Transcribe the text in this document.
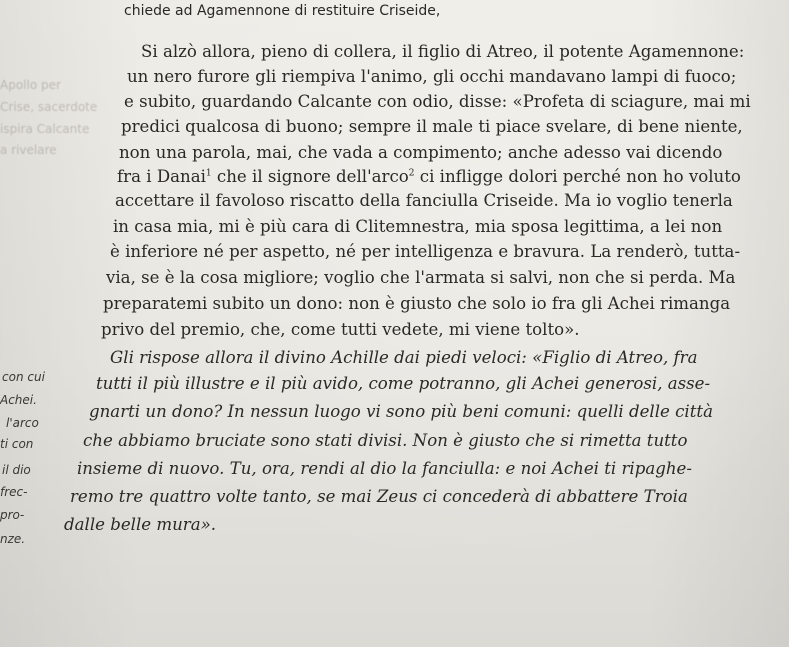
chiede ad Agamennone di restituire Criseide,
Apollo per
Crise, sacerdote
ispira Calcante
a rivelare
Si alzò allora, pieno di collera, il figlio di Atreo, il potente Agamennone:
un nero furore gli riempiva l'animo, gli occhi mandavano lampi di fuoco;
e subito, guardando Calcante con odio, disse: «Profeta di sciagure, mai mi
predici qualcosa di buono; sempre il male ti piace svelare, di bene niente,
non una parola, mai, che vada a compimento; anche adesso vai dicendo
fra i Danai$^1$ che il signore dell'arco$^2$ ci infligge dolori perché non ho voluto
accettare il favoloso riscatto della fanciulla Criseide. Ma io voglio tenerla
in casa mia, mi è più cara di Clitemnestra, mia sposa legittima, a lei non
è inferiore né per aspetto, né per intelligenza e bravura. La renderò, tutta-
via, se è la cosa migliore; voglio che l'armata si salvi, non che si perda. Ma
preparatemi subito un dono: non è giusto che solo io fra gli Achei rimanga
privo del premio, che, come tutti vedete, mi viene tolto».
Gli rispose allora il divino Achille dai piedi veloci: «Figlio di Atreo, fra
tutti il più illustre e il più avido, come potranno, gli Achei generosi, asse-
gnarti un dono? In nessun luogo vi sono più beni comuni: quelli delle città
che abbiamo bruciate sono stati divisi. Non è giusto che si rimetta tutto
insieme di nuovo. Tu, ora, rendi al dio la fanciulla: e noi Achei ti ripaghe-
remo tre quattro volte tanto, se mai Zeus ci concederà di abbattere Troia
dalle belle mura».
con cui
Achei.
l'arco
ti con
il dio
frec-
pro-
nze.
